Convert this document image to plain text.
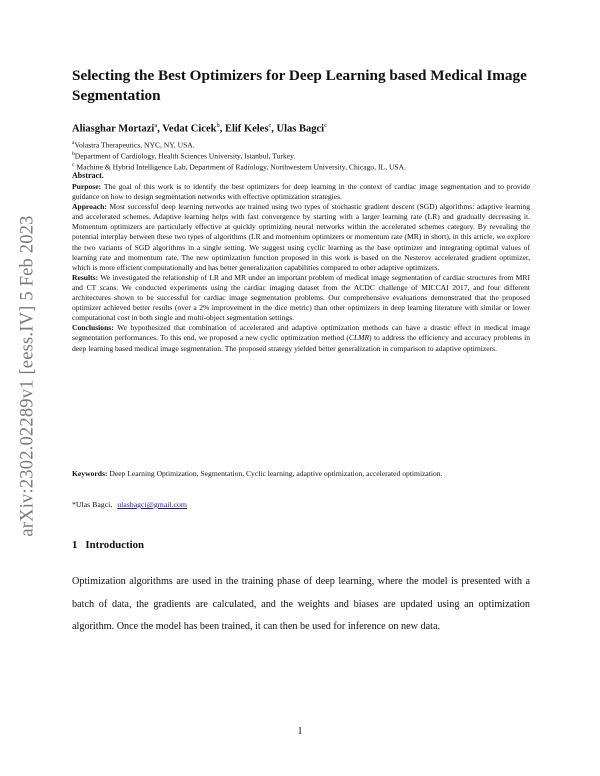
arXiv:2302.02289v1 [eess.IV] 5 Feb 2023
Selecting the Best Optimizers for Deep Learning based Medical Image Segmentation
Aliasghar Mortazi$^a$, Vedat Cicek$^b$, Elif Keles$^c$, Ulas Bagci$^c$
$^a$Volastra Therapeutics, NYC, NY, USA.
$^b$Department of Cardiology, Health Sciences University, Istanbul, Turkey.
$^c$ Machine & Hybrid Intelligence Lab, Department of Radiology, Northwestern University, Chicago, IL, USA.
Abstract.

Purpose: The goal of this work is to identify the best optimizers for deep learning in the context of cardiac image segmentation and to provide guidance on how to design segmentation networks with effective optimization strategies.

Approach: Most successful deep learning networks are trained using two types of stochastic gradient descent (SGD) algorithms: adaptive learning and accelerated schemes. Adaptive learning helps with fast convergence by starting with a larger learning rate (LR) and gradually decreasing it. Momentum optimizers are particularly effective at quickly optimizing neural networks within the accelerated schemes category. By revealing the potential interplay between these two types of algorithms (LR and momentum optimizers or momentum rate (MR) in short), in this article, we explore the two variants of SGD algorithms in a single setting. We suggest using cyclic learning as the base optimizer and integrating optimal values of learning rate and momentum rate. The new optimization function proposed in this work is based on the Nesterov accelerated gradient optimizer, which is more efficient computationally and has better generalization capabilities compared to other adaptive optimizers.

Results: We investigated the relationship of LR and MR under an important problem of medical image segmentation of cardiac structures from MRI and CT scans. We conducted experiments using the cardiac imaging dataset from the ACDC challenge of MICCAI 2017, and four different architectures shown to be successful for cardiac image segmentation problems. Our comprehensive evaluations demonstrated that the proposed optimizer achieved better results (over a 2% improvement in the dice metric) than other optimizers in deep learning literature with similar or lower computational cost in both single and multi-object segmentation settings.

Conclusions: We hypothesized that combination of accelerated and adaptive optimization methods can have a drastic effect in medical image segmentation performances. To this end, we proposed a new cyclic optimization method (CLMR) to address the efficiency and accuracy problems in deep learning based medical image segmentation. The proposed strategy yielded better generalization in comparison to adaptive optimizers.

Keywords: Deep Learning Optimization, Segmentation, Cyclic learning, adaptive optimization, accelerated optimization.
*Ulas Bagci, ulasbagci@gmail.com
1 Introduction
Optimization algorithms are used in the training phase of deep learning, where the model is presented with a batch of data, the gradients are calculated, and the weights and biases are updated using an optimization algorithm. Once the model has been trained, it can then be used for inference on new data.
1
